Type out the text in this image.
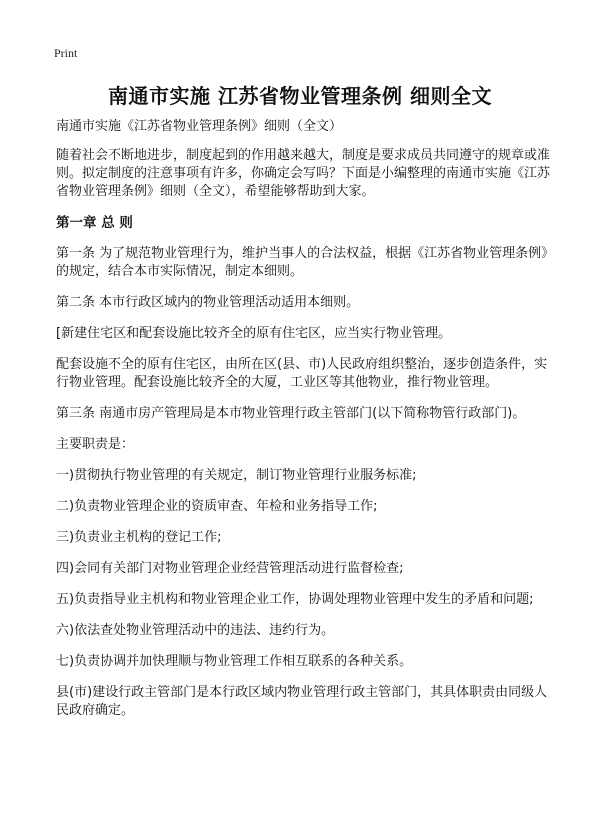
Print
南通市实施 江苏省物业管理条例 细则全文

南通市实施《江苏省物业管理条例》细则（全文）

随着社会不断地进步，制度起到的作用越来越大，制度是要求成员共同遵守的规章或准则。拟定制度的注意事项有许多，你确定会写吗？下面是小编整理的南通市实施《江苏省物业管理条例》细则（全文），希望能够帮助到大家。

第一章 总 则

第一条 为了规范物业管理行为，维护当事人的合法权益，根据《江苏省物业管理条例》的规定，结合本市实际情况，制定本细则。

第二条 本市行政区域内的物业管理活动适用本细则。

[新建住宅区和配套设施比较齐全的原有住宅区，应当实行物业管理。

配套设施不全的原有住宅区，由所在区(县、市)人民政府组织整治，逐步创造条件，实行物业管理。配套设施比较齐全的大厦，工业区等其他物业，推行物业管理。

第三条 南通市房产管理局是本市物业管理行政主管部门(以下简称物管行政部门)。

主要职责是：

一)贯彻执行物业管理的有关规定，制订物业管理行业服务标准;

二)负责物业管理企业的资质审查、年检和业务指导工作;

三)负责业主机构的登记工作;

四)会同有关部门对物业管理企业经营管理活动进行监督检查;

五)负责指导业主机构和物业管理企业工作，协调处理物业管理中发生的矛盾和问题;

六)依法查处物业管理活动中的违法、违约行为。

七)负责协调并加快理顺与物业管理工作相互联系的各种关系。

县(市)建设行政主管部门是本行政区域内物业管理行政主管部门，其具体职责由同级人民政府确定。
